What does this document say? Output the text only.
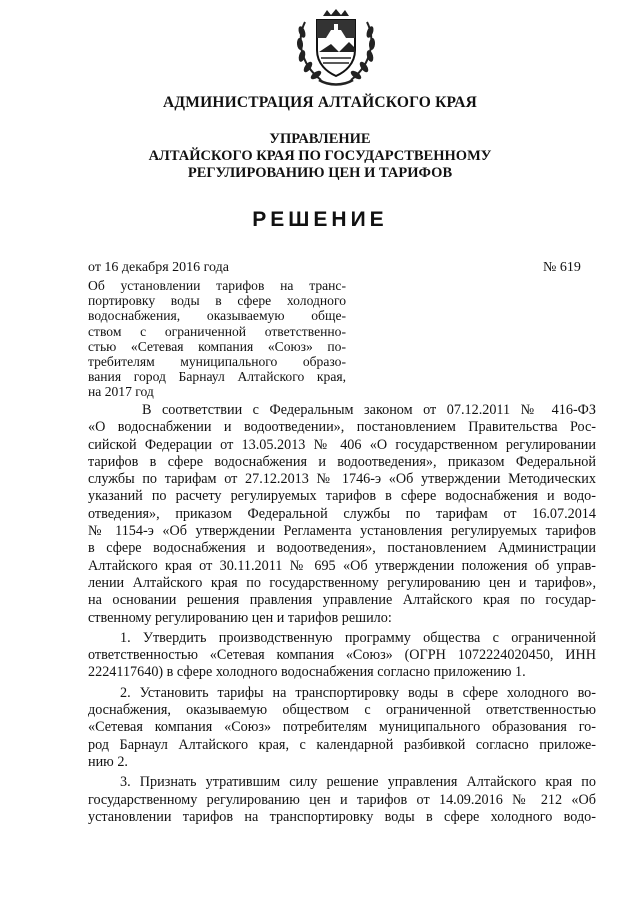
АДМИНИСТРАЦИЯ АЛТАЙСКОГО КРАЯ
УПРАВЛЕНИЕ
АЛТАЙСКОГО КРАЯ ПО ГОСУДАРСТВЕННОМУ
РЕГУЛИРОВАНИЮ ЦЕН И ТАРИФОВ
РЕШЕНИЕ
от 16 декабря 2016 года	№ 619
Об установлении тарифов на транс-
портировку воды в сфере холодного
водоснабжения, оказываемую обще-
ством с ограниченной ответственно-
стью «Сетевая компания «Союз» по-
требителям муниципального образо-
вания город Барнаул Алтайского края,
на 2017 год
В соответствии с Федеральным законом от 07.12.2011 № 416-ФЗ
«О водоснабжении и водоотведении», постановлением Правительства Рос-
сийской Федерации от 13.05.2013 № 406 «О государственном регулировании
тарифов в сфере водоснабжения и водоотведения», приказом Федеральной
службы по тарифам от 27.12.2013 № 1746-э «Об утверждении Методических
указаний по расчету регулируемых тарифов в сфере водоснабжения и водо-
отведения», приказом Федеральной службы по тарифам от 16.07.2014
№ 1154-э «Об утверждении Регламента установления регулируемых тарифов
в сфере водоснабжения и водоотведения», постановлением Администрации
Алтайского края от 30.11.2011 № 695 «Об утверждении положения об управ-
лении Алтайского края по государственному регулированию цен и тарифов»,
на основании решения правления управление Алтайского края по государ-
ственному регулированию цен и тарифов решило:
1. Утвердить производственную программу общества с ограниченной
ответственностью «Сетевая компания «Союз» (ОГРН 1072224020450, ИНН
2224117640) в сфере холодного водоснабжения согласно приложению 1.
2. Установить тарифы на транспортировку воды в сфере холодного во-
доснабжения, оказываемую обществом с ограниченной ответственностью
«Сетевая компания «Союз» потребителям муниципального образования го-
род Барнаул Алтайского края, с календарной разбивкой согласно приложе-
нию 2.
3. Признать утратившим силу решение управления Алтайского края по
государственному регулированию цен и тарифов от 14.09.2016 № 212 «Об
установлении тарифов на транспортировку воды в сфере холодного водо-
